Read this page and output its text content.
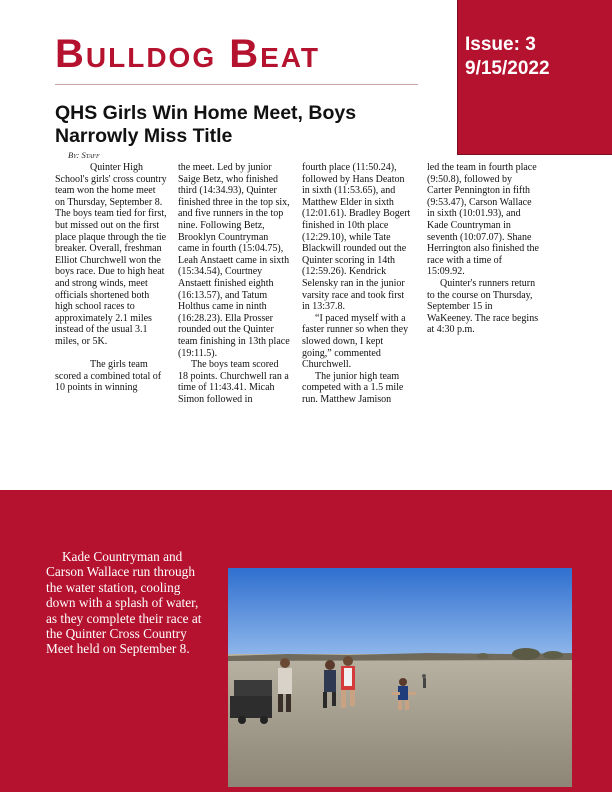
Bulldog Beat	Issue: 3
9/15/2022
QHS Girls Win Home Meet, Boys Narrowly Miss Title
By: Staff

Quinter High School's girls' cross country team won the home meet on Thursday, September 8. The boys team tied for first, but missed out on the first place plaque through the tie breaker. Overall, freshman Elliot Churchwell won the boys race. Due to high heat and strong winds, meet officials shortened both high school races to approximately 2.1 miles instead of the usual 3.1 miles, or 5K.

The girls team scored a combined total of 10 points in winning

the meet. Led by junior Saige Betz, who finished third (14:34.93), Quinter finished three in the top six, and five runners in the top nine. Following Betz, Brooklyn Countryman came in fourth (15:04.75), Leah Anstaett came in sixth (15:34.54), Courtney Anstaett finished eighth (16:13.57), and Tatum Holthus came in ninth (16:28.23). Ella Prosser rounded out the Quinter team finishing in 13th place (19:11.5).

The boys team scored 18 points. Churchwell ran a time of 11:43.41. Micah Simon followed in

fourth place (11:50.24), followed by Hans Deaton in sixth (11:53.65), and Matthew Elder in sixth (12:01.61). Bradley Bogert finished in 10th place (12:29.10), while Tate Blackwill rounded out the Quinter scoring in 14th (12:59.26). Kendrick Selensky ran in the junior varsity race and took first in 13:37.8.

“I paced myself with a faster runner so when they slowed down, I kept going,” commented Churchwell.

The junior high team competed with a 1.5 mile run. Matthew Jamison

led the team in fourth place (9:50.8), followed by Carter Pennington in fifth (9:53.47), Carson Wallace in sixth (10:01.93), and Kade Countryman in seventh (10:07.07). Shane Herrington also finished the race with a time of 15:09.92.

Quinter's runners return to the course on Thursday, September 15 in WaKeeney. The race begins at 4:30 p.m.

Kade Countryman and Carson Wallace run through the water station, cooling down with a splash of water, as they complete their race at the Quinter Cross Country Meet held on September 8.
